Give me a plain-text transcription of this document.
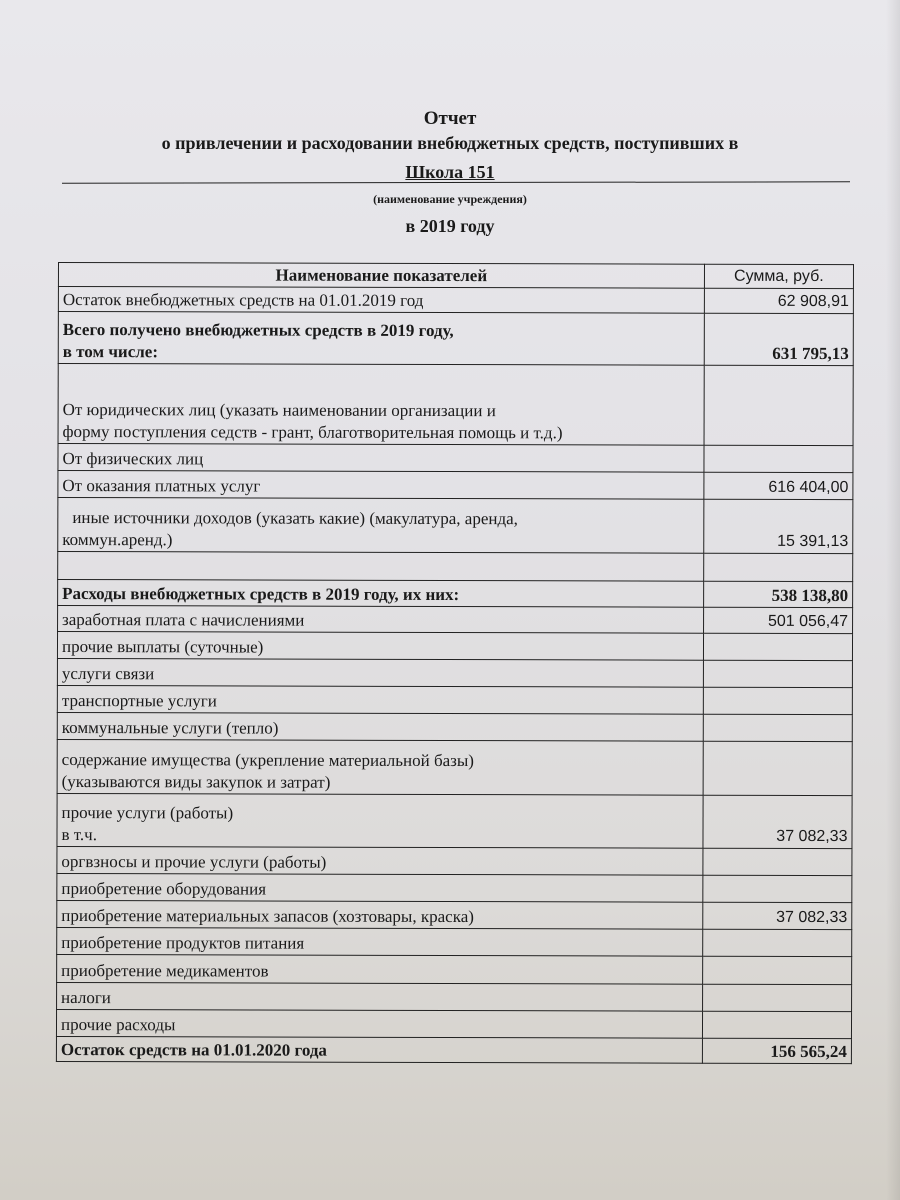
Отчет
о привлечении и расходовании внебюджетных средств, поступивших в
Школа 151
(наименование учреждения)
в 2019 году
Наименование показателей	Сумма, руб.
Остаток внебюджетных средств на 01.01.2019 год	62 908,91

Всего получено внебюджетных средств в 2019 году,
в том числе:	631 795,13

От юридических лиц (указать наименовании организации и
форму поступления седств - грант, благотворительная помощь и т.д.)	

От физических лиц	
От оказания платных услуг	616 404,00

иные источники доходов (указать какие) (макулатура, аренда,
коммун.аренд.)	15 391,13

Расходы внебюджетных средств в 2019 году, их них:	538 138,80
заработная плата с начислениями	501 056,47
прочие выплаты (суточные)	
услуги связи	
транспортные услуги	
коммунальные услуги (тепло)	

содержание имущества (укрепление материальной базы)
(указываются виды закупок и затрат)	

прочие услуги (работы)
в т.ч.	37 082,33
оргвзносы и прочие услуги (работы)	
приобретение оборудования	
приобретение материальных запасов (хозтовары, краска)	37 082,33
приобретение продуктов питания	
приобретение медикаментов	
налоги	
прочие расходы	
Остаток средств на 01.01.2020 года	156 565,24
